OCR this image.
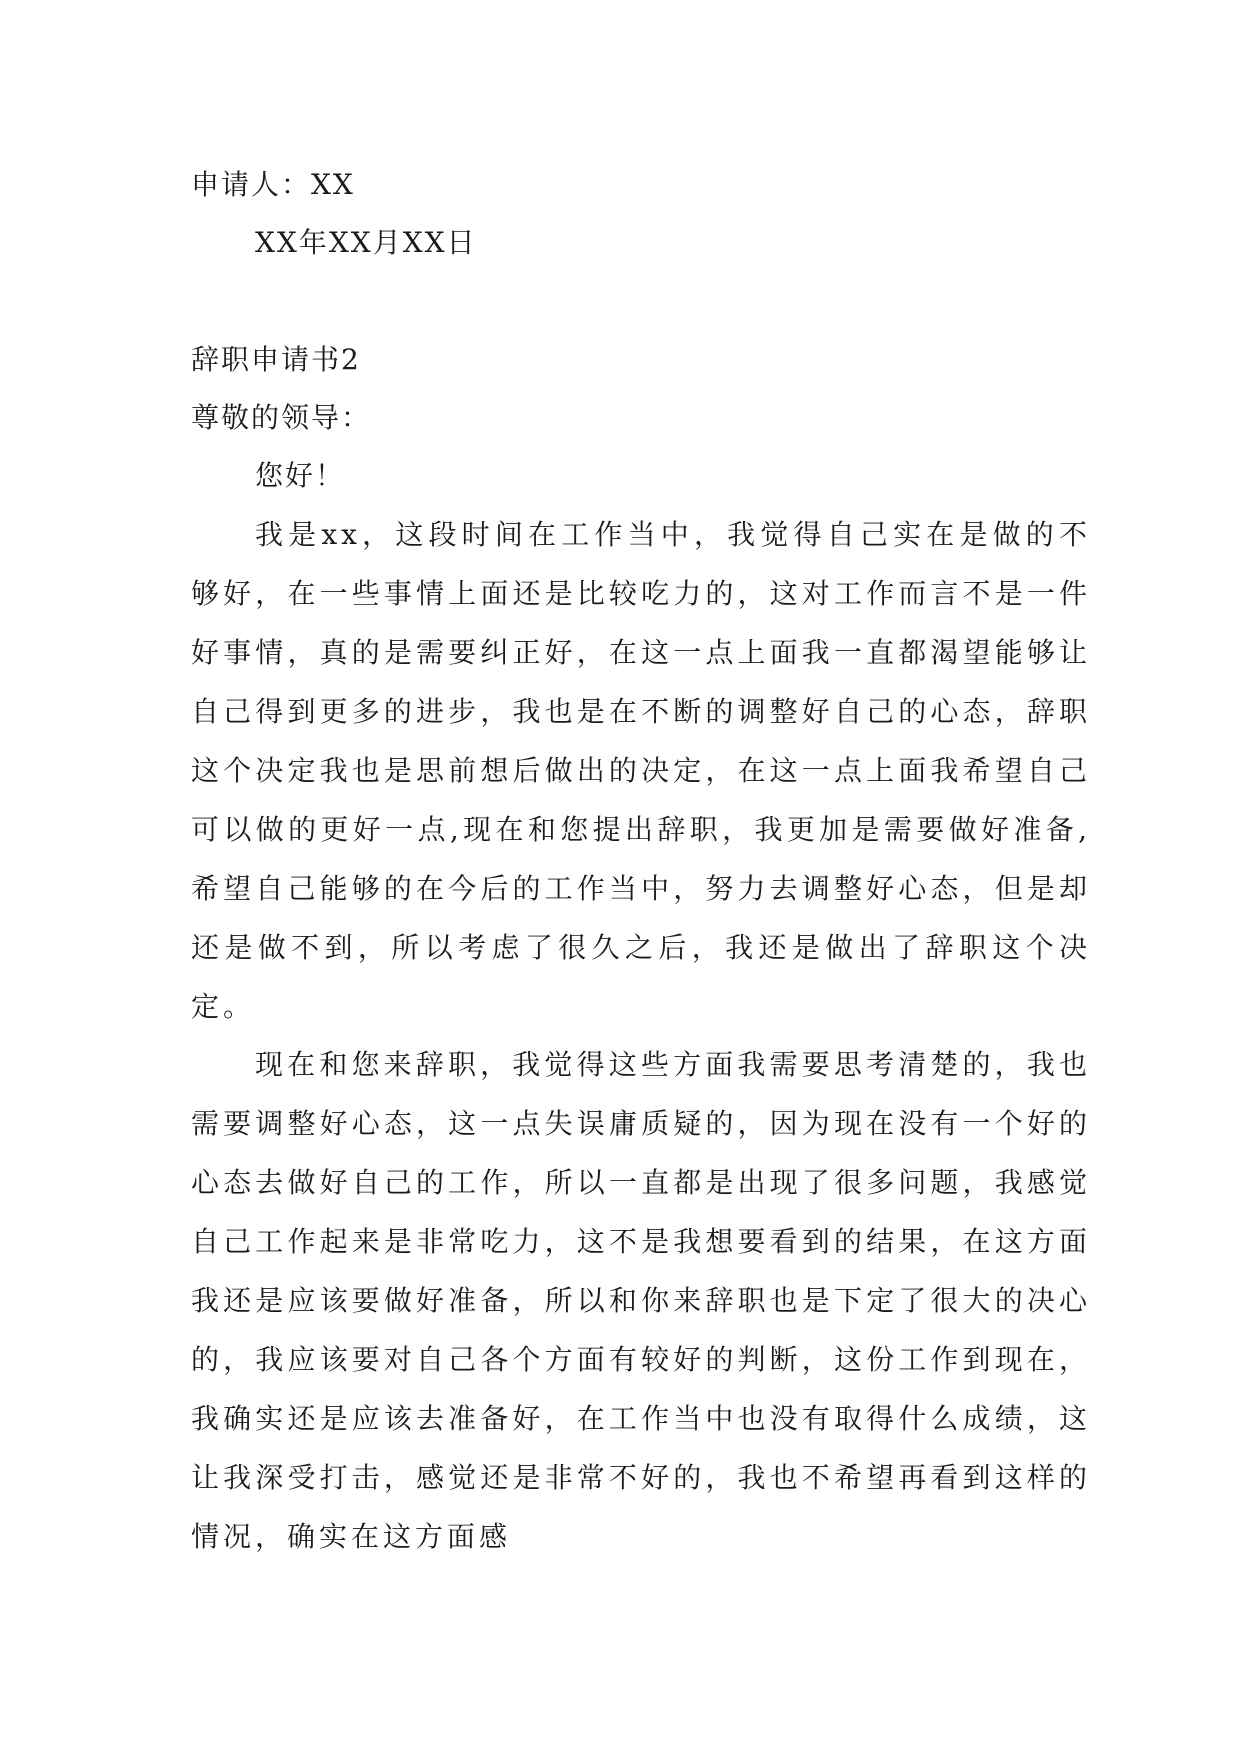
申请人：XX
XX年XX月XX日
辞职申请书2
尊敬的领导：
您好！

我是xx，这段时间在工作当中，我觉得自己实在是做的不够好，在一些事情上面还是比较吃力的，这对工作而言不是一件好事情，真的是需要纠正好，在这一点上面我一直都渴望能够让自己得到更多的进步，我也是在不断的调整好自己的心态，辞职这个决定我也是思前想后做出的决定，在这一点上面我希望自己可以做的更好一点,现在和您提出辞职，我更加是需要做好准备,希望自己能够的在今后的工作当中，努力去调整好心态，但是却还是做不到，所以考虑了很久之后，我还是做出了辞职这个决定。

现在和您来辞职，我觉得这些方面我需要思考清楚的，我也需要调整好心态，这一点失误庸质疑的，因为现在没有一个好的心态去做好自己的工作，所以一直都是出现了很多问题，我感觉自己工作起来是非常吃力，这不是我想要看到的结果，在这方面我还是应该要做好准备，所以和你来辞职也是下定了很大的决心的，我应该要对自己各个方面有较好的判断，这份工作到现在，我确实还是应该去准备好，在工作当中也没有取得什么成绩，这让我深受打击，感觉还是非常不好的，我也不希望再看到这样的情况，确实在这方面感
